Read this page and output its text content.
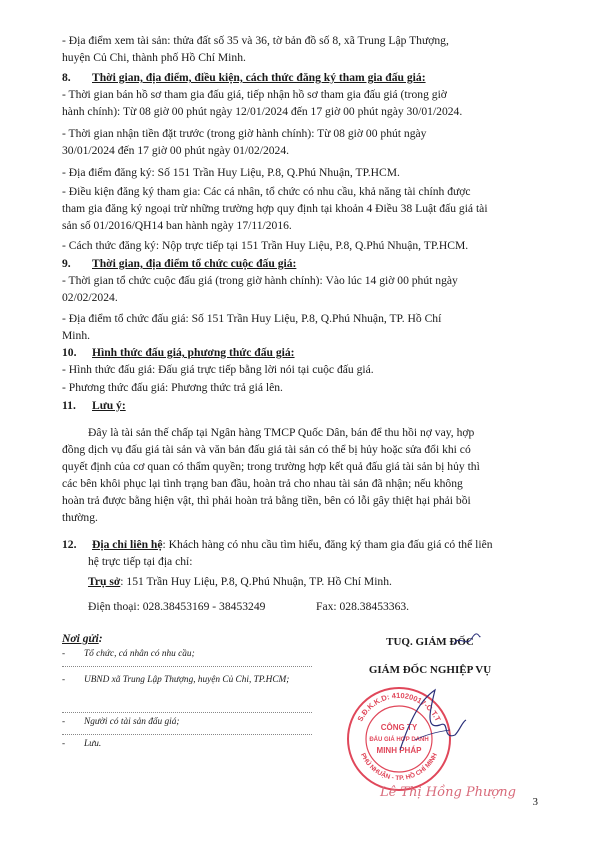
- Địa điểm xem tài sản: thửa đất số 35 và 36, tờ bản đồ số 8, xã Trung Lập Thượng,
huyện Củ Chi, thành phố Hồ Chí Minh.
8. Thời gian, địa điểm, điều kiện, cách thức đăng ký tham gia đấu giá:
- Thời gian bán hồ sơ tham gia đấu giá, tiếp nhận hồ sơ tham gia đấu giá (trong giờ
hành chính): Từ 08 giờ 00 phút ngày 12/01/2024 đến 17 giờ 00 phút ngày 30/01/2024.
- Thời gian nhận tiền đặt trước (trong giờ hành chính): Từ 08 giờ 00 phút ngày
30/01/2024 đến 17 giờ 00 phút ngày 01/02/2024.
- Địa điểm đăng ký: Số 151 Trần Huy Liệu, P.8, Q.Phú Nhuận, TP.HCM.
- Điều kiện đăng ký tham gia: Các cá nhân, tổ chức có nhu cầu, khả năng tài chính được
tham gia đăng ký ngoại trừ những trường hợp quy định tại khoản 4 Điều 38 Luật đấu giá tài
sản số 01/2016/QH14 ban hành ngày 17/11/2016.
- Cách thức đăng ký: Nộp trực tiếp tại 151 Trần Huy Liệu, P.8, Q.Phú Nhuận, TP.HCM.
9. Thời gian, địa điểm tổ chức cuộc đấu giá:
- Thời gian tổ chức cuộc đấu giá (trong giờ hành chính): Vào lúc 14 giờ 00 phút ngày
02/02/2024.
- Địa điểm tổ chức đấu giá: Số 151 Trần Huy Liệu, P.8, Q.Phú Nhuận, TP. Hồ Chí
Minh.
10. Hình thức đấu giá, phương thức đấu giá:
- Hình thức đấu giá: Đấu giá trực tiếp bằng lời nói tại cuộc đấu giá.
- Phương thức đấu giá: Phương thức trả giá lên.
11. Lưu ý:
Đây là tài sản thế chấp tại Ngân hàng TMCP Quốc Dân, bán để thu hồi nợ vay, hợp
đồng dịch vụ đấu giá tài sản và văn bản đấu giá tài sản có thể bị hủy hoặc sửa đổi khi có
quyết định của cơ quan có thẩm quyền; trong trường hợp kết quả đấu giá tài sản bị hủy thì
các bên khôi phục lại tình trạng ban đầu, hoàn trả cho nhau tài sản đã nhận; nếu không
hoàn trả được bằng hiện vật, thì phải hoàn trả bằng tiền, bên có lỗi gây thiệt hại phải bồi
thường.
12. Địa chỉ liên hệ: Khách hàng có nhu cầu tìm hiểu, đăng ký tham gia đấu giá có thể liên
hệ trực tiếp tại địa chỉ:
Trụ sở: 151 Trần Huy Liệu, P.8, Q.Phú Nhuận, TP. Hồ Chí Minh.
Điện thoại: 028.38453169 - 38453249	Fax: 028.38453363.
Nơi gửi:

- Tổ chức, cá nhân có nhu cầu;

- UBND xã Trung Lập Thượng, huyện Củ Chi, TP.HCM;

- Người có tài sản đấu giá;

- Lưu.

TUQ. GIÁM ĐỐC
GIÁM ĐỐC NGHIỆP VỤ
S.Đ.K.K.D: 41020017-C.T.T
PHÚ NHUẬN - TP. HỒ CHÍ MINH
CÔNG TY
ĐẤU GIÁ HỢP DANH
MINH PHÁP
Lê Thị Hồng Phượng
3
